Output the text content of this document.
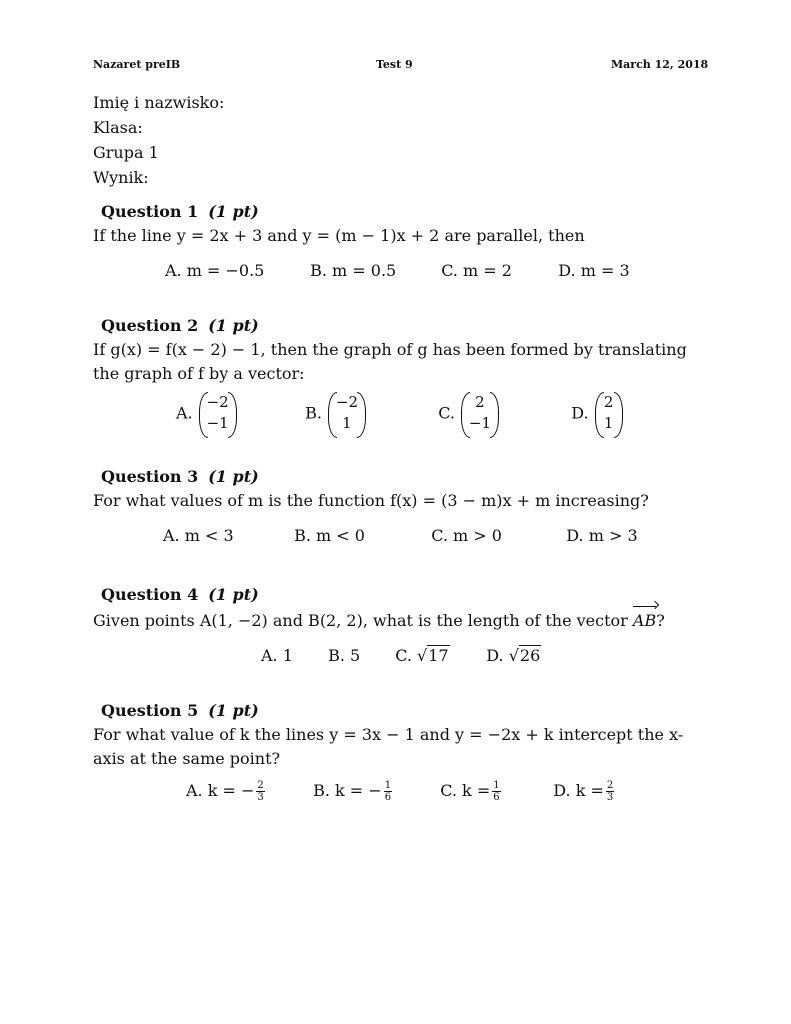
Nazaret preIB	Test 9	March 12, 2018
Imię i nazwisko:
Klasa:
Grupa 1
Wynik:
Question 1 (1 pt)
If the line y = 2x + 3 and y = (m − 1)x + 2 are parallel, then
A. m = −0.5	B. m = 0.5	C. m = 2	D. m = 3
Question 2 (1 pt)
If g(x) = f(x − 2) − 1, then the graph of g has been formed by translating the graph of f by a vector:
A.
−2
−1
B.
−2
1
C.
2
−1
D.
2
1
Question 3 (1 pt)
For what values of m is the function f(x) = (3 − m)x + m increasing?
A. m < 3	B. m < 0	C. m > 0	D. m > 3
Question 4 (1 pt)
Given points A(1, −2) and B(2, 2), what is the length of the vector AB?
A. 1 B. 5 C. √17 D. √26
Question 5 (1 pt)
For what value of k the lines y = 3x − 1 and y = −2x + k intercept the x-axis at the same point?
A. k = − $\frac{2}{3}$	B. k = − $\frac{1}{6}$	C. $k = \frac{1}{6}$	D. $k = \frac{2}{3}$
